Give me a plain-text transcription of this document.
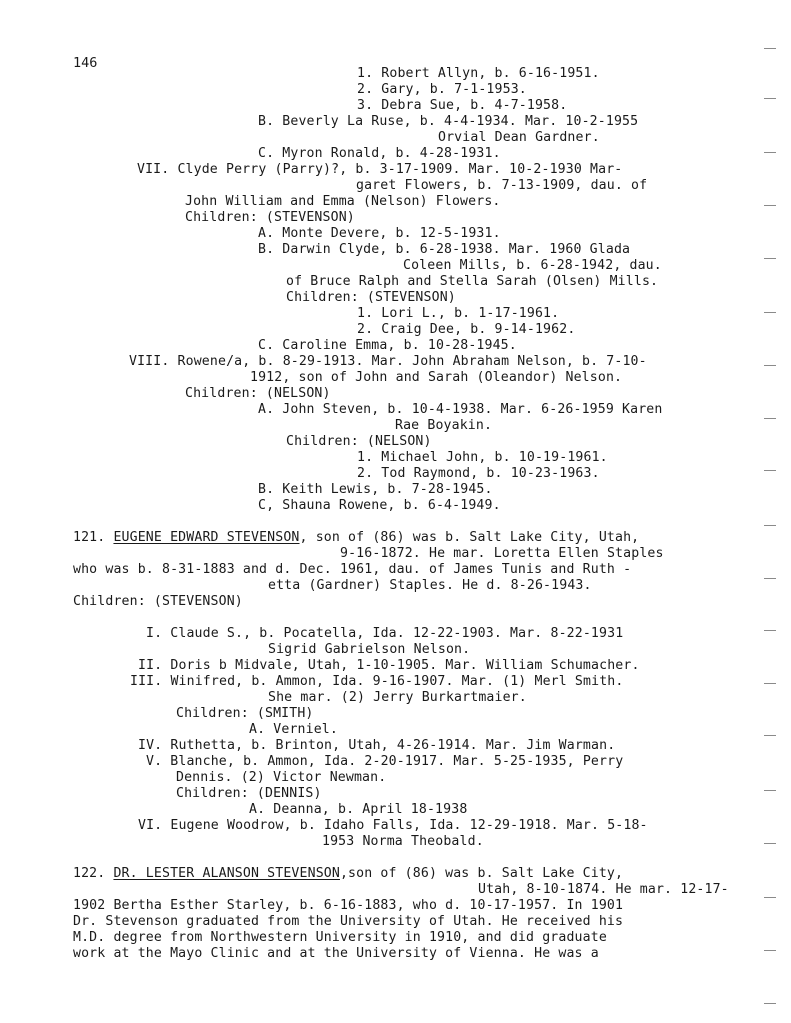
146
1. Robert Allyn, b. 6-16-1951.
2. Gary, b. 7-1-1953.
3. Debra Sue, b. 4-7-1958.
B. Beverly La Ruse, b. 4-4-1934. Mar. 10-2-1955
Orvial Dean Gardner.
C. Myron Ronald, b. 4-28-1931.
VII. Clyde Perry (Parry)?, b. 3-17-1909. Mar. 10-2-1930 Mar-
garet Flowers, b. 7-13-1909, dau. of
John William and Emma (Nelson) Flowers.
Children: (STEVENSON)
A. Monte Devere, b. 12-5-1931.
B. Darwin Clyde, b. 6-28-1938. Mar. 1960 Glada
Coleen Mills, b. 6-28-1942, dau.
of Bruce Ralph and Stella Sarah (Olsen) Mills.
Children: (STEVENSON)
1. Lori L., b. 1-17-1961.
2. Craig Dee, b. 9-14-1962.
C. Caroline Emma, b. 10-28-1945.
VIII. Rowene/a, b. 8-29-1913. Mar. John Abraham Nelson, b. 7-10-
1912, son of John and Sarah (Oleandor) Nelson.
Children: (NELSON)
A. John Steven, b. 10-4-1938. Mar. 6-26-1959 Karen
Rae Boyakin.
Children: (NELSON)
1. Michael John, b. 10-19-1961.
2. Tod Raymond, b. 10-23-1963.
B. Keith Lewis, b. 7-28-1945.
C, Shauna Rowene, b. 6-4-1949.
121. EUGENE EDWARD STEVENSON, son of (86) was b. Salt Lake City, Utah,
9-16-1872. He mar. Loretta Ellen Staples
who was b. 8-31-1883 and d. Dec. 1961, dau. of James Tunis and Ruth -
etta (Gardner) Staples. He d. 8-26-1943.
Children: (STEVENSON)
I. Claude S., b. Pocatella, Ida. 12-22-1903. Mar. 8-22-1931
Sigrid Gabrielson Nelson.
II. Doris b Midvale, Utah, 1-10-1905. Mar. William Schumacher.
III. Winifred, b. Ammon, Ida. 9-16-1907. Mar. (1) Merl Smith.
She mar. (2) Jerry Burkartmaier.
Children: (SMITH)
A. Verniel.
IV. Ruthetta, b. Brinton, Utah, 4-26-1914. Mar. Jim Warman.
V. Blanche, b. Ammon, Ida. 2-20-1917. Mar. 5-25-1935, Perry
Dennis. (2) Victor Newman.
Children: (DENNIS)
A. Deanna, b. April 18-1938
VI. Eugene Woodrow, b. Idaho Falls, Ida. 12-29-1918. Mar. 5-18-
1953 Norma Theobald.
122. DR. LESTER ALANSON STEVENSON,son of (86) was b. Salt Lake City,
Utah, 8-10-1874. He mar. 12-17-
1902 Bertha Esther Starley, b. 6-16-1883, who d. 10-17-1957. In 1901
Dr. Stevenson graduated from the University of Utah. He received his
M.D. degree from Northwestern University in 1910, and did graduate
work at the Mayo Clinic and at the University of Vienna. He was a
